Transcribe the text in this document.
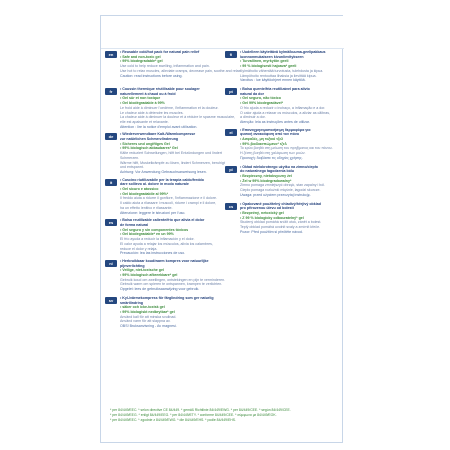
en	• Reusable cold/hot pack for natural pain relief
• Safe and non-toxic gel
• 99% biodegradable* gel
Use cold to help reduce swelling, inflammation and pain.
Use hot to relax muscles, alleviate cramps, decrease pain, soothe and relax.
Caution: read instructions before using.
fr	• Coussin thermique réutilisable pour soulager
naturellement à chaud ou à froid
• Gel sûr et non toxique
• Gel biodégradable à 99%
Le froid aide à diminuer l'oedème, l'inflammation et la douleur.
Le chaleur aide à détendre les muscles.
La chaleur aide à diminuer la douleur et à réduire le spasme musculaire,
elle est apaisante et relaxante.
Attention : lire la notice d'emploi avant utilisation.
de	• Wiederverwendbare Kalt-/Warmkompresse
zur natürlichen Schmerzlinderung
• Sicheres und ungiftiges Gel
• 99% biologisch abbaubares* Gel
Kälte reduziert Schwellungen, hilft bei Entzündungen und lindert
Schmerzen.
Wärme hilft, Muskelkrämpfe zu lösen, lindert Schmerzen, beruhigt
und entspannt.
Achtung: Vor Anwendung Gebrauchsanweisung lesen.
it	• Cuscino riutilizzabile per la terapia caldo/freddo
dare sollievo al. dolore in modo naturale
• Gel sicuro e atossico
• Gel biodegradabile al 99%*
Il freddo aiuta a ridurre il gonfiore, l'infiammazione e il dolore.
Il caldo aiuta a rilassare i muscoli, ridurre i crampi e il dolore,
ha un effetto lenitivo e rilassante.
Attenzione: leggere le istruzioni per l'uso.
es	• Bolsa reutilizable caliente/frío que alivia el dolor
de forma natural
• Gel seguro y sin componentes tóxicos
• Gel biodegradable* en un 99%
El frío ayuda a reducir la inflamación y el dolor.
El calor ayuda a relajar los músculos, alivia los calambres,
reduce el dolor y relaja.
Precaución: lea las instrucciones de uso.
nl	• Herbruikbaar koud/warm kompres voor natuurlijke
pijnverlichting
• Veilige, niet-toxische gel
• 99% biologisch afbreekbare* gel
Gebruik koud om zwellingen, ontstekingen en pijn te verminderen.
Gebruik warm om spieren te ontspannen, krampen te verlichten.
Opgelet: lees de gebruiksaanwijzing voor gebruik.
sv	• Kyl-/värmekompress för färglindring som ger naturlig
smärtlindring
• säker och icke-toxisk gel
• 99% biologiskt nedbrytbar* gel
Använd kall för att minska svullnad.
Använd varm för att slappna av.
OBS! Bruksanvisning - Av magnesi.
fi	• Uudelleen käytettävä kylmä/kuuma-geelipakkaus
luonnonmukaiseen kivunlievitykseen
• Turvallinen, myrkytön geeli
• 99 % biologisesti hajoava* geeli
Kylmähoito vähentää turvotusta, tulehdusta ja kipua.
Lämpöhoito rentouttaa lihaksia ja lievittää kipua.
Varoitus : lue käyttöohjeet ennen käyttöä.
pt	• Bolsa quente/fria reutilizável para alívio
natural da dor
• Gel seguro, não tóxico
• Gel 99% biodegradável*
O frio ajuda a reduzir o inchaço, a inflamação e a dor.
O calor ajuda a relaxar os músculos, a aliviar as cãibras,
a diminuir a dor.
Atenção: leia as instruções antes de utilizar.
el	• Επαναχρησιμοποιήσιμη θερμοφόρα για
φυσική ανακούφιση από τον πόνο
• Ασφαλές, μη τοξικό τζελ
• 99% βιοδιασπώμενο* τζελ
Το κρύο βοηθά στη μείωση του πρηξίματος και του πόνου.
Η ζέστη βοηθά στη χαλάρωση των μυών.
Προσοχή: διαβάστε τις οδηγίες χρήσης.
pl	• Okład wielokrotnego użytku na zimno/ciepło
do naturalnego łagodzenia bólu
• Bezpieczny, nietoksyczny żel
• Żel w 99% biodegradowalny*
Zimno pomaga zmniejszyć obrzęk, stan zapalny i ból.
Ciepło pomaga rozluźnić mięśnie, łagodzi skurcze.
Uwaga: przed użyciem przeczytaj instrukcję.
cs	• Opakovaně použitelný chladivý/hřejivý obklad
pro přirozenou úlevu od bolesti
• Bezpečný, netoxický gel
• Z 99 % biologicky odbouratelný* gel
Studený obklad pomáhá snížit otok, zánět a bolest.
Teplý obklad pomáhá uvolnit svaly a zmírnit křeče.
Pozor: Před použitím si přečtěte návod.
* per 84/449/EEC. * selon directive CE 84/449. * gemäß Richtlinie 84/449/EWG. * per 84/449/CEE. * según 84/449/CEE.
* per 84/449/EEG. * enligt 84/449/EEG. * per 84/449/ETY. * conforme 84/449/CEE. * σύμφωνα με 84/449/ΕΟΚ.
* per 84/449/EEC. * zgodnie z 84/449/EWG. * dle 84/449/EHS. * podle 84/449/EHS.
